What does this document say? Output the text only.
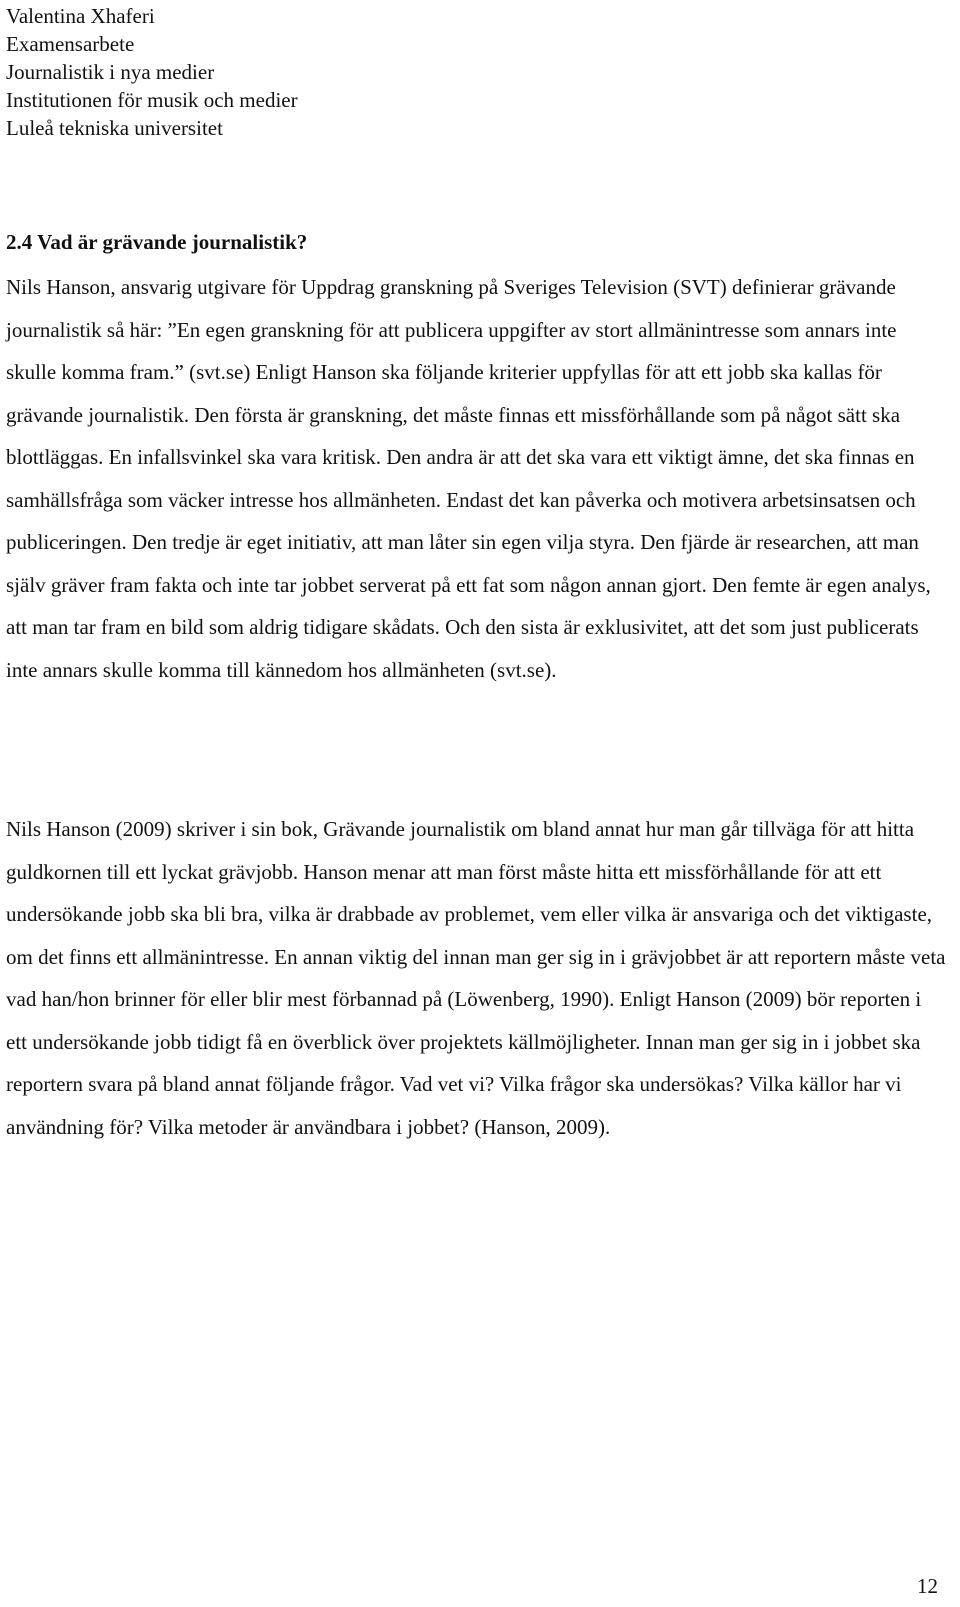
Valentina Xhaferi
Examensarbete
Journalistik i nya medier
Institutionen för musik och medier
Luleå tekniska universitet
2.4 Vad är grävande journalistik?

Nils Hanson, ansvarig utgivare för Uppdrag granskning på Sveriges Television (SVT) definierar grävande journalistik så här: ”En egen granskning för att publicera uppgifter av stort allmänintresse som annars inte skulle komma fram.” (svt.se) Enligt Hanson ska följande kriterier uppfyllas för att ett jobb ska kallas för grävande journalistik. Den första är granskning, det måste finnas ett missförhållande som på något sätt ska blottläggas. En infallsvinkel ska vara kritisk. Den andra är att det ska vara ett viktigt ämne, det ska finnas en samhällsfråga som väcker intresse hos allmänheten. Endast det kan påverka och motivera arbetsinsatsen och publiceringen. Den tredje är eget initiativ, att man låter sin egen vilja styra. Den fjärde är researchen, att man själv gräver fram fakta och inte tar jobbet serverat på ett fat som någon annan gjort. Den femte är egen analys, att man tar fram en bild som aldrig tidigare skådats. Och den sista är exklusivitet, att det som just publicerats inte annars skulle komma till kännedom hos allmänheten (svt.se).

Nils Hanson (2009) skriver i sin bok, Grävande journalistik om bland annat hur man går tillväga för att hitta guldkornen till ett lyckat grävjobb. Hanson menar att man först måste hitta ett missförhållande för att ett undersökande jobb ska bli bra, vilka är drabbade av problemet, vem eller vilka är ansvariga och det viktigaste, om det finns ett allmänintresse. En annan viktig del innan man ger sig in i grävjobbet är att reportern måste veta vad han/hon brinner för eller blir mest förbannad på (Löwenberg, 1990). Enligt Hanson (2009) bör reporten i ett undersökande jobb tidigt få en överblick över projektets källmöjligheter. Innan man ger sig in i jobbet ska reportern svara på bland annat följande frågor. Vad vet vi? Vilka frågor ska undersökas? Vilka källor har vi användning för? Vilka metoder är användbara i jobbet? (Hanson, 2009).

12
